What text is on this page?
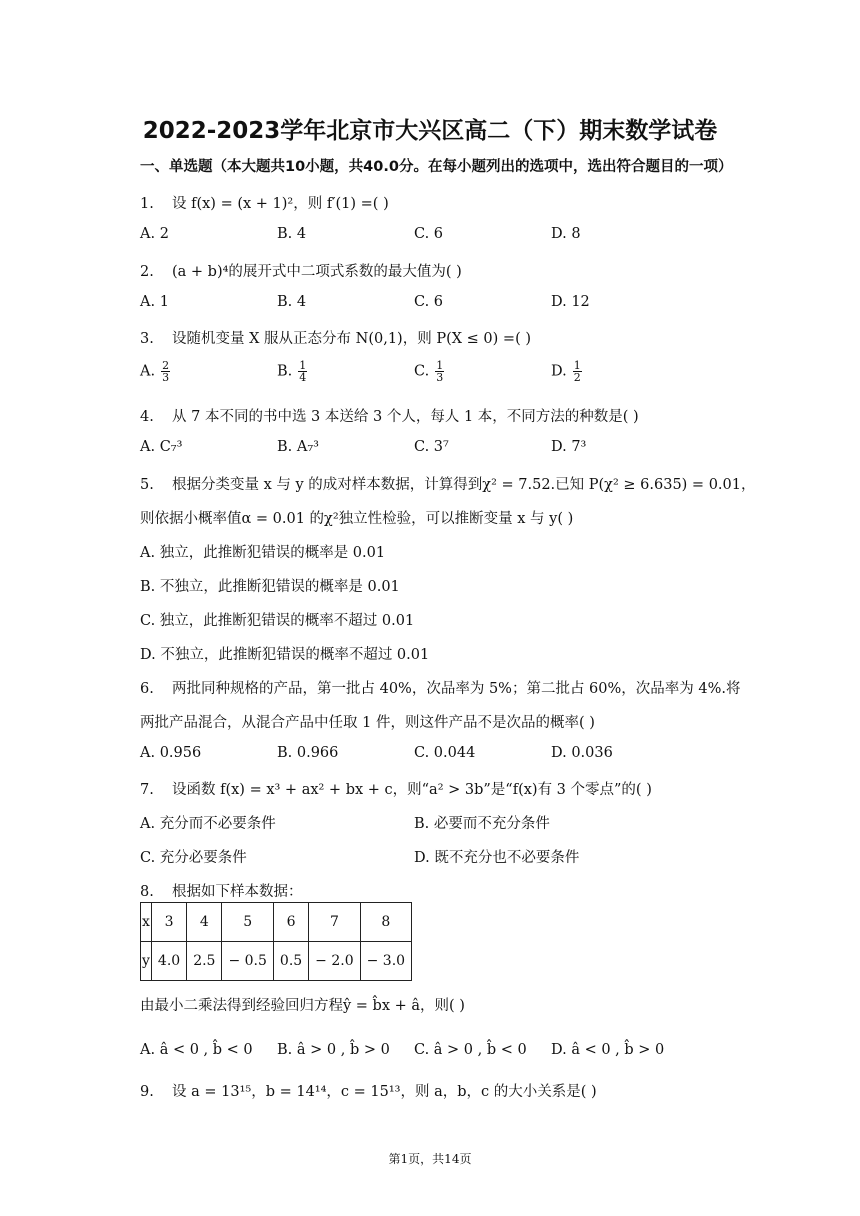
2022-2023学年北京市大兴区高二（下）期末数学试卷
一、单选题（本大题共10小题，共40.0分。在每小题列出的选项中，选出符合题目的一项）
1. 设 f(x) = (x + 1)²，则 f′(1) =( )
A. 2	B. 4	C. 6	D. 8
2. (a + b)⁴的展开式中二项式系数的最大值为( )
A. 1	B. 4	C. 6	D. 12
3. 设随机变量 X 服从正态分布 N(0,1)，则 P(X ≤ 0) =( )
A. $\frac{2}{3}$	B. $\frac{1}{4}$	C. $\frac{1}{3}$	D. $\frac{1}{2}$
4. 从 7 本不同的书中选 3 本送给 3 个人，每人 1 本，不同方法的种数是( )
A. C₇³	B. A₇³	C. 3⁷	D. 7³
5. 根据分类变量 x 与 y 的成对样本数据，计算得到χ² = 7.52.已知 P(χ² ≥ 6.635) = 0.01，
则依据小概率值α = 0.01 的χ²独立性检验，可以推断变量 x 与 y( )
A. 独立，此推断犯错误的概率是 0.01
B. 不独立，此推断犯错误的概率是 0.01
C. 独立，此推断犯错误的概率不超过 0.01
D. 不独立，此推断犯错误的概率不超过 0.01
6. 两批同种规格的产品，第一批占 40%，次品率为 5%；第二批占 60%，次品率为 4%.将
两批产品混合，从混合产品中任取 1 件，则这件产品不是次品的概率( )
A. 0.956	B. 0.966	C. 0.044	D. 0.036
7. 设函数 f(x) = x³ + ax² + bx + c，则“a² > 3b”是“f(x)有 3 个零点”的( )
A. 充分而不必要条件	B. 必要而不充分条件
C. 充分必要条件	D. 既不充分也不必要条件
8. 根据如下样本数据：
x	3	4	5	6	7	8
y	4.0	2.5	− 0.5	0.5	− 2.0	− 3.0
由最小二乘法得到经验回归方程ŷ = b̂x + â，则( )
A. â < 0 , b̂ < 0 B. â > 0 , b̂ > 0 C. â > 0 , b̂ < 0 D. â < 0 , b̂ > 0
9. 设 a = 13¹⁵，b = 14¹⁴，c = 15¹³，则 a，b，c 的大小关系是( )
第1页，共14页
